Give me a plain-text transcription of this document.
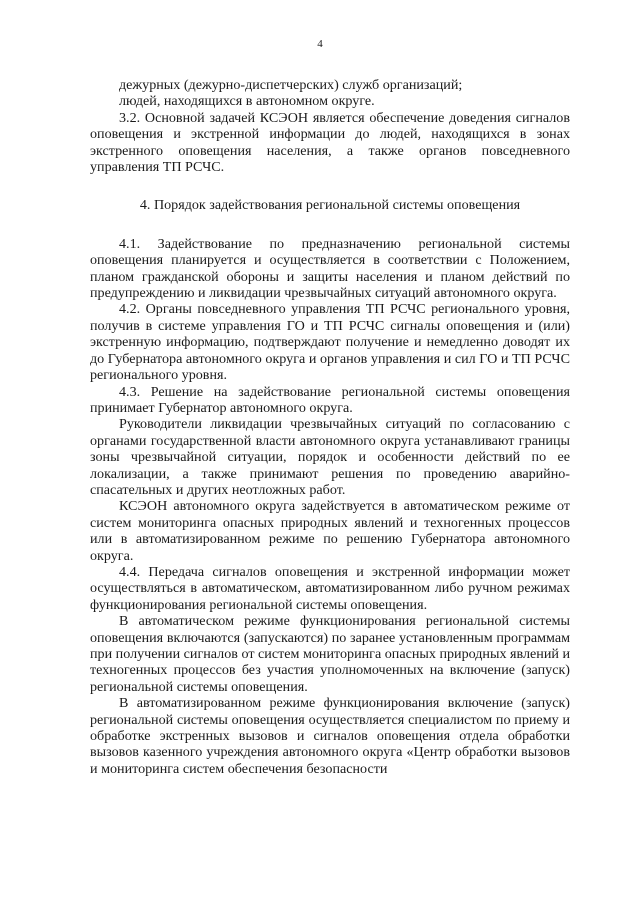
4

дежурных (дежурно-диспетчерских) служб организаций;

людей, находящихся в автономном округе.

3.2. Основной задачей КСЭОН является обеспечение доведения сигналов оповещения и экстренной информации до людей, находящихся в зонах экстренного оповещения населения, а также органов повседневного управления ТП РСЧС.

4. Порядок задействования региональной системы оповещения

4.1. Задействование по предназначению региональной системы оповещения планируется и осуществляется в соответствии с Положением, планом гражданской обороны и защиты населения и планом действий по предупреждению и ликвидации чрезвычайных ситуаций автономного округа.

4.2. Органы повседневного управления ТП РСЧС регионального уровня, получив в системе управления ГО и ТП РСЧС сигналы оповещения и (или) экстренную информацию, подтверждают получение и немедленно доводят их до Губернатора автономного округа и органов управления и сил ГО и ТП РСЧС регионального уровня.

4.3. Решение на задействование региональной системы оповещения принимает Губернатор автономного округа.

Руководители ликвидации чрезвычайных ситуаций по согласованию с органами государственной власти автономного округа устанавливают границы зоны чрезвычайной ситуации, порядок и особенности действий по ее локализации, а также принимают решения по проведению аварийно-спасательных и других неотложных работ.

КСЭОН автономного округа задействуется в автоматическом режиме от систем мониторинга опасных природных явлений и техногенных процессов или в автоматизированном режиме по решению Губернатора автономного округа.

4.4. Передача сигналов оповещения и экстренной информации может осуществляться в автоматическом, автоматизированном либо ручном режимах функционирования региональной системы оповещения.

В автоматическом режиме функционирования региональной системы оповещения включаются (запускаются) по заранее установленным программам при получении сигналов от систем мониторинга опасных природных явлений и техногенных процессов без участия уполномоченных на включение (запуск) региональной системы оповещения.

В автоматизированном режиме функционирования включение (запуск) региональной системы оповещения осуществляется специалистом по приему и обработке экстренных вызовов и сигналов оповещения отдела обработки вызовов казенного учреждения автономного округа «Центр обработки вызовов и мониторинга систем обеспечения безопасности
